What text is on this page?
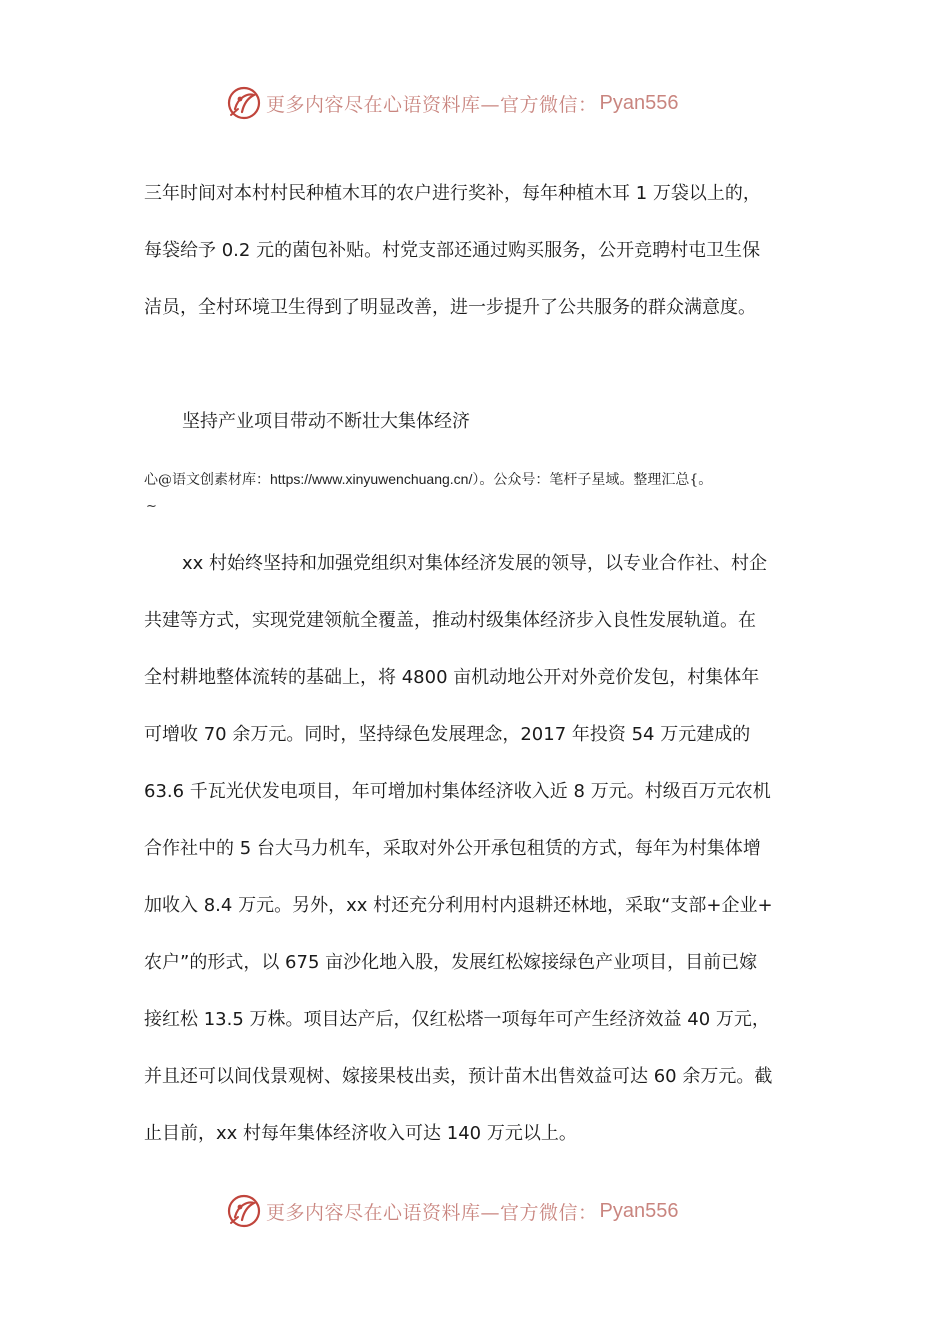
更多内容尽在心语资料库—官方微信： Pyan556
三年时间对本村村民种植木耳的农户进行奖补，每年种植木耳 1 万袋以上的，
每袋给予 0.2 元的菌包补贴。村党支部还通过购买服务，公开竞聘村屯卫生保
洁员，全村环境卫生得到了明显改善，进一步提升了公共服务的群众满意度。
坚持产业项目带动不断壮大集体经济
心@语文创素材库：https://www.xinyuwenchuang.cn/）。公众号：笔杆子星域。整理汇总{。
~
xx 村始终坚持和加强党组织对集体经济发展的领导，以专业合作社、村企
共建等方式，实现党建领航全覆盖，推动村级集体经济步入良性发展轨道。在
全村耕地整体流转的基础上，将 4800 亩机动地公开对外竞价发包，村集体年
可增收 70 余万元。同时，坚持绿色发展理念，2017 年投资 54 万元建成的
63.6 千瓦光伏发电项目，年可增加村集体经济收入近 8 万元。村级百万元农机
合作社中的 5 台大马力机车，采取对外公开承包租赁的方式，每年为村集体增
加收入 8.4 万元。另外，xx 村还充分利用村内退耕还林地，采取“支部+企业+
农户”的形式，以 675 亩沙化地入股，发展红松嫁接绿色产业项目，目前已嫁
接红松 13.5 万株。项目达产后，仅红松塔一项每年可产生经济效益 40 万元，
并且还可以间伐景观树、嫁接果枝出卖，预计苗木出售效益可达 60 余万元。截
止目前，xx 村每年集体经济收入可达 140 万元以上。
更多内容尽在心语资料库—官方微信： Pyan556
